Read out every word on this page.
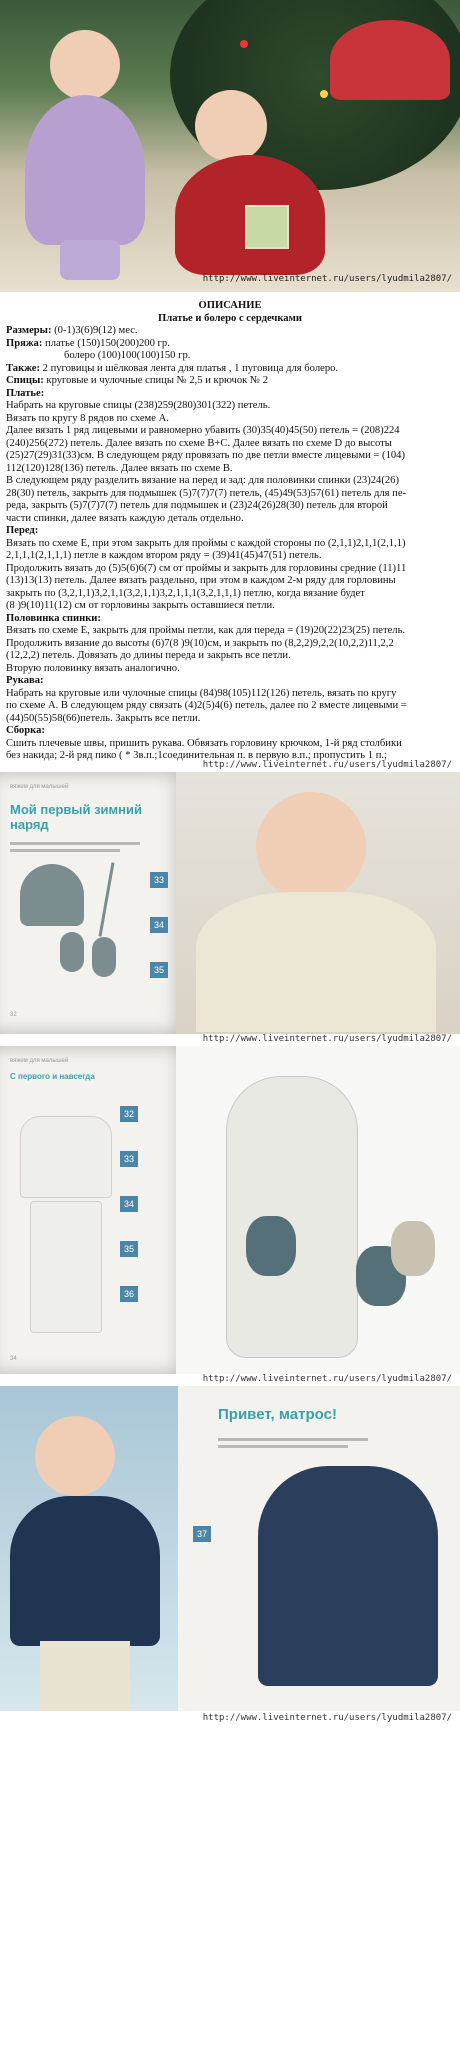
http://www.liveinternet.ru/users/lyudmila2807/

ОПИСАНИЕ

Платье и болеро с сердечками

Размеры: (0-1)3(6)9(12) мес.

Пряжа: платье (150)150(200)200 гр.

болеро (100)100(100)150 гр.

Также: 2 пуговицы и шёлковая лента для платья , 1 пуговица для болеро.

Спицы: круговые и чулочные спицы № 2,5 и крючок № 2

Платье:

Набрать на круговые спицы (238)259(280)301(322) петель.

Вязать по кругу 8 рядов по схеме А.

Далее вязать 1 ряд лицевыми и равномерно убавить (30)35(40)45(50) петель = (208)224

(240)256(272) петель. Далее вязать по схеме В+С. Далее вязать по схеме D до высоты

(25)27(29)31(33)см. В следующем ряду провязать по две петли вместе лицевыми = (104)

112(120)128(136) петель. Далее вязать по схеме В.

В следующем ряду разделить вязание на перед и зад: для половинки спинки (23)24(26)

28(30) петель, закрыть для подмышек (5)7(7)7(7) петель, (45)49(53)57(61) петель для пе-

реда, закрыть (5)7(7)7(7) петель для подмышек и (23)24(26)28(30) петель для второй

части спинки, далее вязать каждую деталь отдельно.

Перед:

Вязать по схеме E, при этом закрыть для проймы с каждой стороны по (2,1,1)2,1,1(2,1,1)

2,1,1,1(2,1,1,1) петле в каждом втором ряду = (39)41(45)47(51) петель.

Продолжить вязать до (5)5(6)6(7) см от проймы и закрыть для горловины средние (11)11

(13)13(13) петель. Далее вязать раздельно, при этом в каждом 2-м ряду для горловины

закрыть по (3,2,1,1)3,2,1,1(3,2,1,1)3,2,1,1,1(3,2,1,1,1) петлю, когда вязание будет

(8 )9(10)11(12) см от горловины закрыть оставшиеся петли.

Половинка спинки:

Вязать по схеме E, закрыть для проймы петли, как для переда = (19)20(22)23(25) петель.

Продолжить вязание до высоты (6)7(8 )9(10)см, и закрыть по (8,2,2)9,2,2(10,2,2)11,2,2

(12,2,2) петель. Довязать до длины переда и закрыть все петли.

Вторую половинку вязать аналогично.

Рукава:

Набрать на круговые или чулочные спицы (84)98(105)112(126) петель, вязать по кругу

по схеме А. В следующем ряду связать (4)2(5)4(6) петель, далее по 2 вместе лицевыми =

(44)50(55)58(66)петель. Закрыть все петли.

Сборка:

Сшить плечевые швы, пришить рукава. Обвязать горловину крючком, 1-й ряд столбики

без накида; 2-й ряд пико ( * 3в.п.;1соединительная п. в первую в.п.; пропустить 1 п.;

http://www.liveinternet.ru/users/lyudmila2807/
вяжем для малышей
Мой первый зимний наряд
33
34
35
32
http://www.liveinternet.ru/users/lyudmila2807/
вяжем для малышей
С первого и навсегда
32
33
34
35
36
34
http://www.liveinternet.ru/users/lyudmila2807/
Привет, матрос!
37
http://www.liveinternet.ru/users/lyudmila2807/
